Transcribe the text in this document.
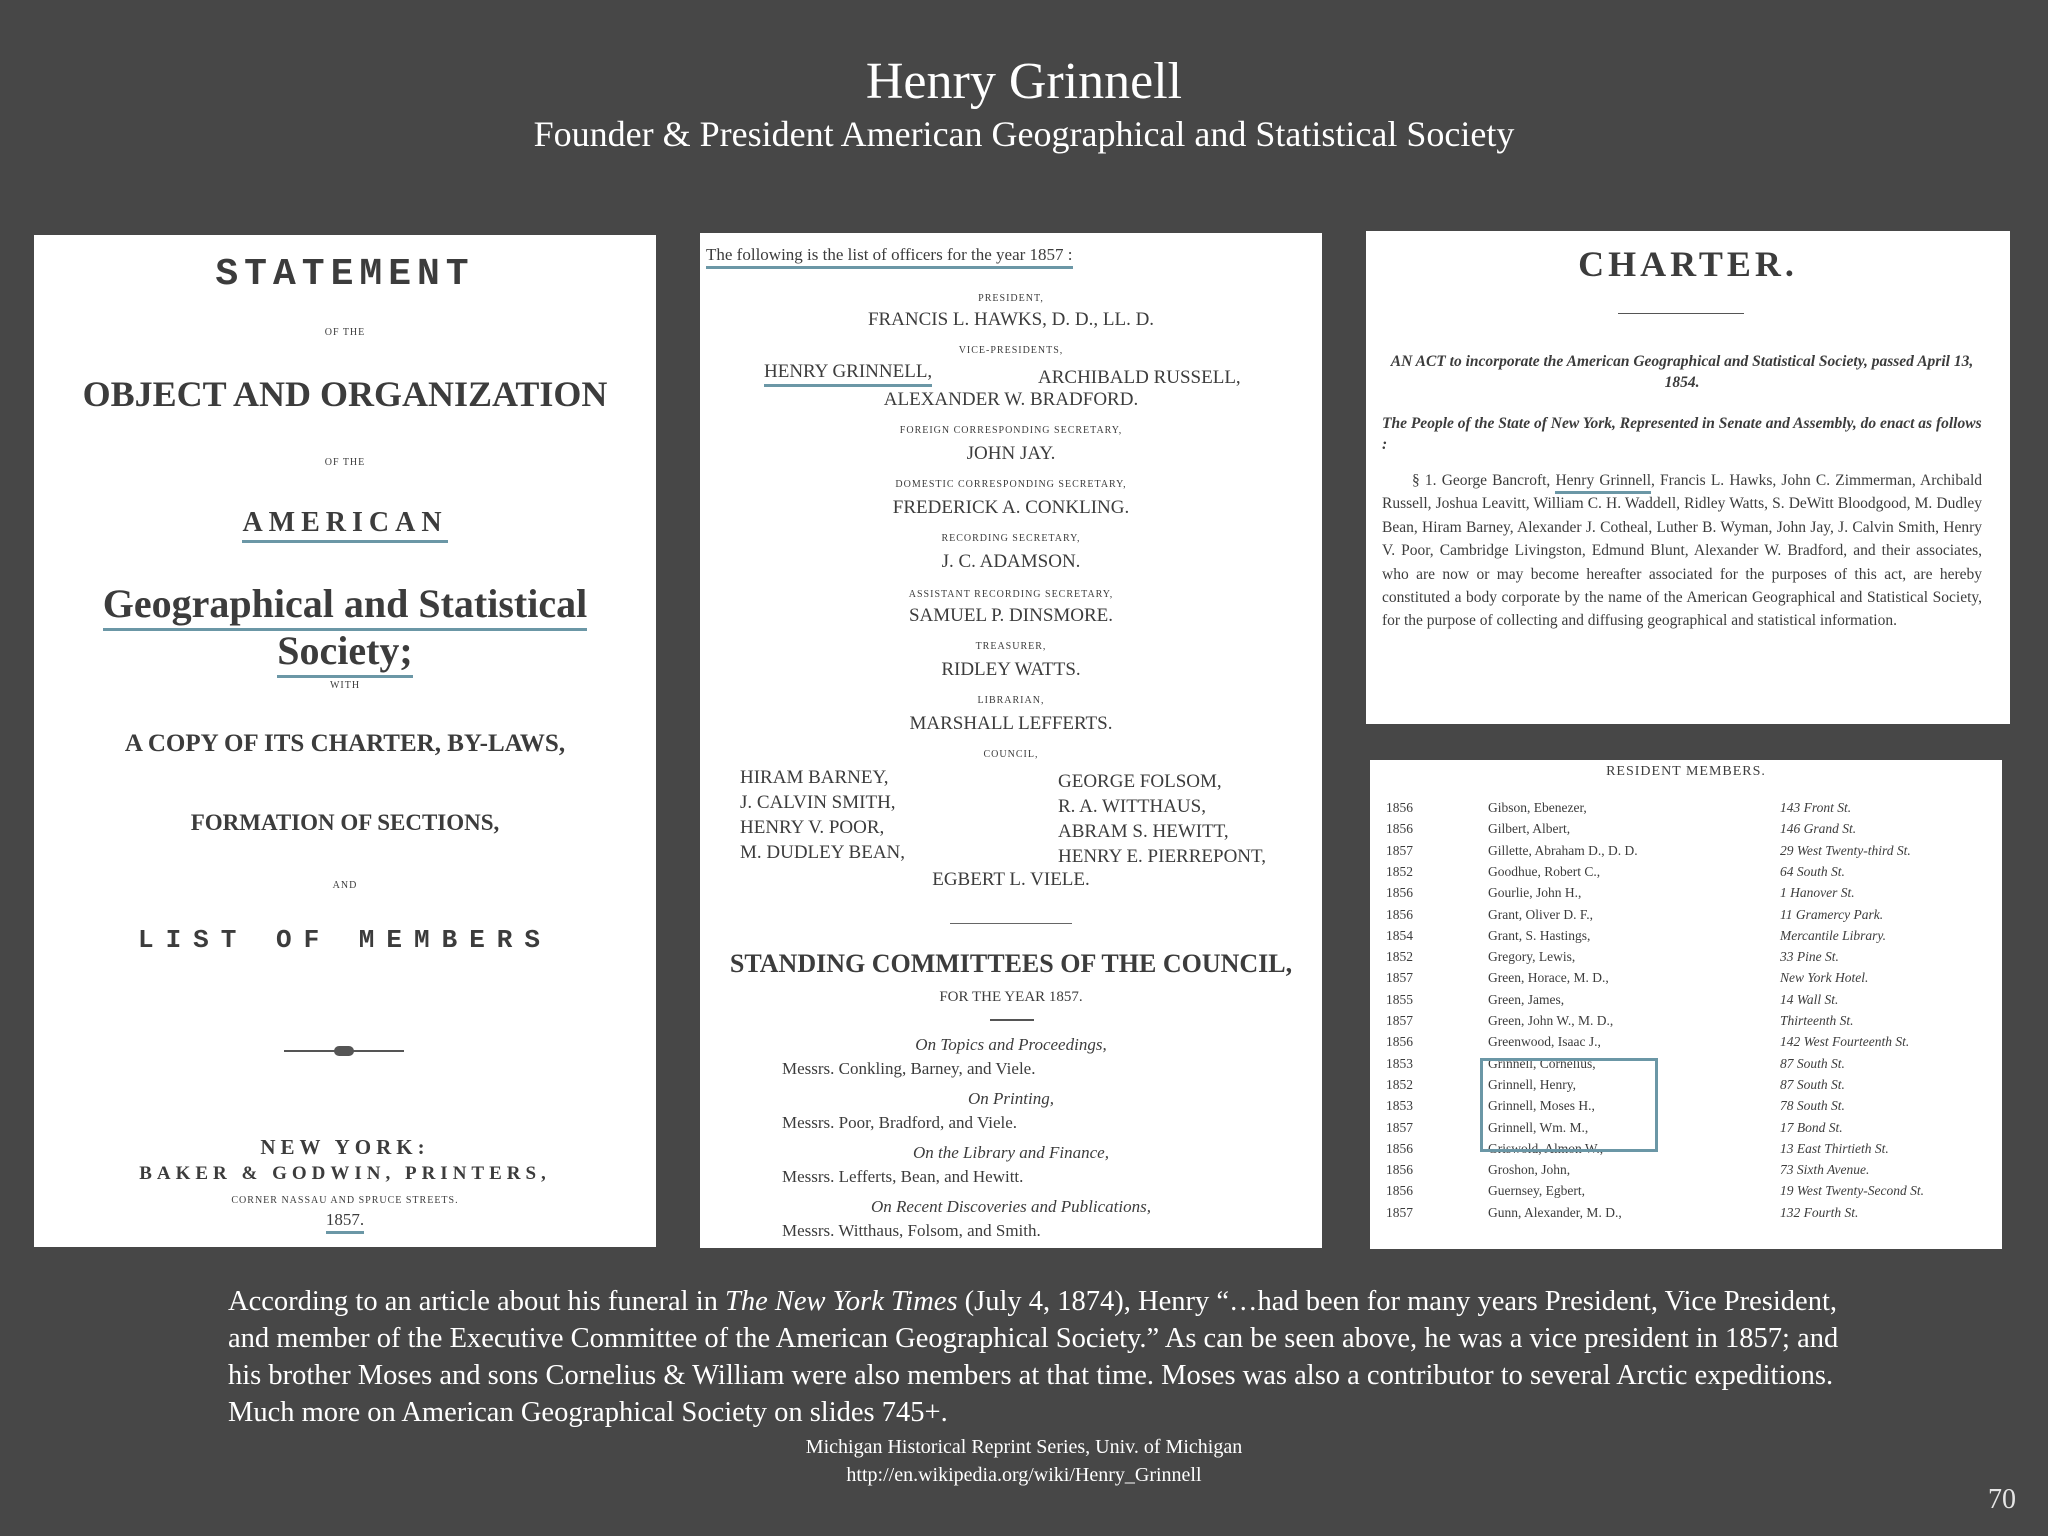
Henry Grinnell
Founder & President American Geographical and Statistical Society
STATEMENT
OF THE
OBJECT AND ORGANIZATION
OF THE
AMERICAN
Geographical and Statistical Society;
WITH
A COPY OF ITS CHARTER, BY-LAWS,
FORMATION OF SECTIONS,
AND
LIST OF MEMBERS
NEW YORK:
BAKER & GODWIN, PRINTERS,
CORNER NASSAU AND SPRUCE STREETS.
1857.
The following is the list of officers for the year 1857 :
PRESIDENT,
FRANCIS L. HAWKS, D. D., LL. D.
VICE-PRESIDENTS,
HENRY GRINNELL,	ARCHIBALD RUSSELL,
ALEXANDER W. BRADFORD.
FOREIGN CORRESPONDING SECRETARY,
JOHN JAY.
DOMESTIC CORRESPONDING SECRETARY,
FREDERICK A. CONKLING.
RECORDING SECRETARY,
J. C. ADAMSON.
ASSISTANT RECORDING SECRETARY,
SAMUEL P. DINSMORE.
TREASURER,
RIDLEY WATTS.
LIBRARIAN,
MARSHALL LEFFERTS.
COUNCIL,
HIRAM BARNEY,
J. CALVIN SMITH,
HENRY V. POOR,
M. DUDLEY BEAN,
GEORGE FOLSOM,
R. A. WITTHAUS,
ABRAM S. HEWITT,
HENRY E. PIERREPONT,
EGBERT L. VIELE.
STANDING COMMITTEES OF THE COUNCIL,
FOR THE YEAR 1857.
On Topics and Proceedings,
Messrs. Conkling, Barney, and Viele.
On Printing,
Messrs. Poor, Bradford, and Viele.
On the Library and Finance,
Messrs. Lefferts, Bean, and Hewitt.
On Recent Discoveries and Publications,
Messrs. Witthaus, Folsom, and Smith.
CHARTER.
AN ACT to incorporate the American Geographical and Statistical Society, passed April 13, 1854.
The People of the State of New York, Represented in Senate and Assembly, do enact as follows :
§ 1. George Bancroft, Henry Grinnell, Francis L. Hawks, John C. Zimmerman, Archibald Russell, Joshua Leavitt, William C. H. Waddell, Ridley Watts, S. DeWitt Bloodgood, M. Dudley Bean, Hiram Barney, Alexander J. Cotheal, Luther B. Wyman, John Jay, J. Calvin Smith, Henry V. Poor, Cambridge Livingston, Edmund Blunt, Alexander W. Bradford, and their associates, who are now or may become hereafter associated for the purposes of this act, are hereby constituted a body corporate by the name of the American Geographical and Statistical Society, for the purpose of collecting and diffusing geographical and statistical information.
RESIDENT MEMBERS.
1856	Gibson, Ebenezer,	143 Front St.
1856	Gilbert, Albert,	146 Grand St.
1857	Gillette, Abraham D., D. D.	29 West Twenty-third St.
1852	Goodhue, Robert C.,	64 South St.
1856	Gourlie, John H.,	1 Hanover St.
1856	Grant, Oliver D. F.,	11 Gramercy Park.
1854	Grant, S. Hastings,	Mercantile Library.
1852	Gregory, Lewis,	33 Pine St.
1857	Green, Horace, M. D.,	New York Hotel.
1855	Green, James,	14 Wall St.
1857	Green, John W., M. D.,	Thirteenth St.
1856	Greenwood, Isaac J.,	142 West Fourteenth St.
1853	Grinnell, Cornelius,	87 South St.
1852	Grinnell, Henry,	87 South St.
1853	Grinnell, Moses H.,	78 South St.
1857	Grinnell, Wm. M.,	17 Bond St.
1856	Griswold, Almon W.,	13 East Thirtieth St.
1856	Groshon, John,	73 Sixth Avenue.
1856	Guernsey, Egbert,	19 West Twenty-Second St.
1857	Gunn, Alexander, M. D.,	132 Fourth St.

According to an article about his funeral in The New York Times (July 4, 1874), Henry “…had been for many years President, Vice President, and member of the Executive Committee of the American Geographical Society.” As can be seen above, he was a vice president in 1857; and his brother Moses and sons Cornelius & William were also members at that time. Moses was also a contributor to several Arctic expeditions. Much more on American Geographical Society on slides 745+.

Michigan Historical Reprint Series, Univ. of Michigan
http://en.wikipedia.org/wiki/Henry_Grinnell
70
